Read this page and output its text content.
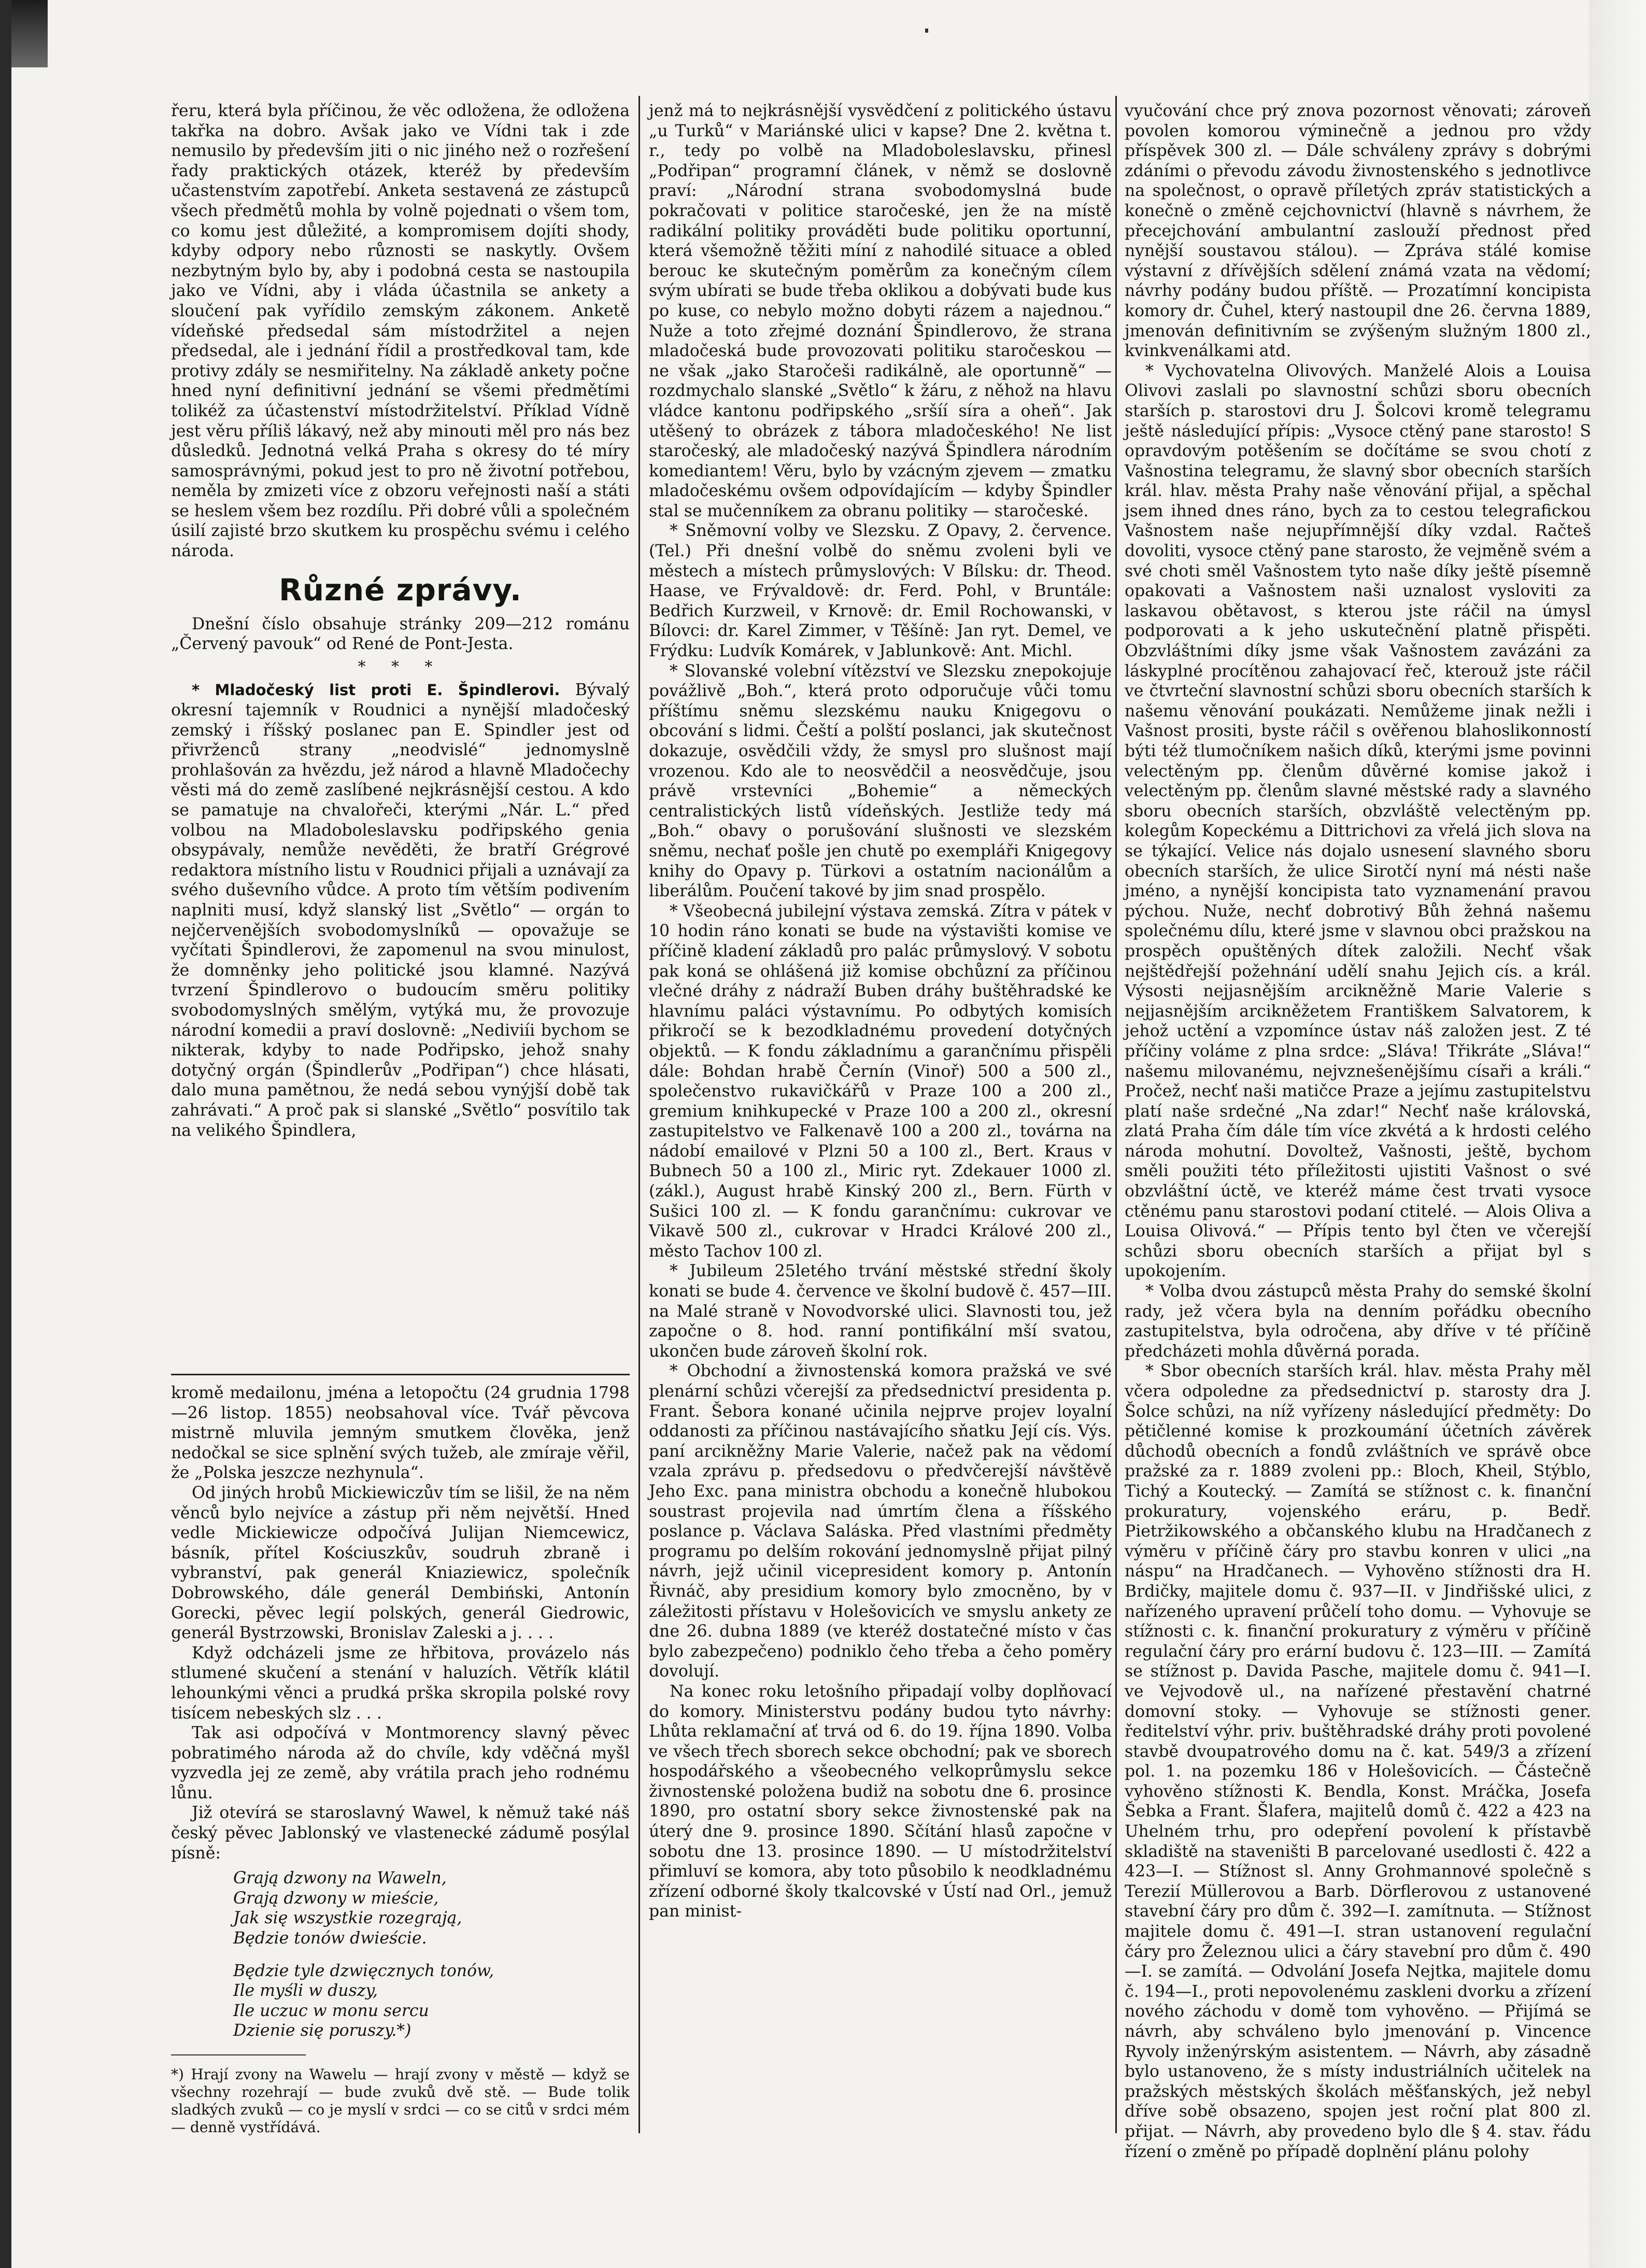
řeru, která byla příčinou, že věc odložena, že odložena takřka na dobro. Avšak jako ve Vídni tak i zde nemusilo by především jiti o nic jiného než o rozřešení řady praktických otázek, kteréž by především učastenstvím zapotřebí. Anketa sestavená ze zástupců všech předmětů mohla by volně pojednati o všem tom, co komu jest důležité, a kompromisem dojíti shody, kdyby odpory nebo různosti se naskytly. Ovšem nezbytným bylo by, aby i podobná cesta se nastoupila jako ve Vídni, aby i vláda účastnila se ankety a sloučení pak vyřídilo zemským zákonem. Anketě vídeňské předsedal sám místodržitel a nejen předsedal, ale i jednání řídil a prostředkoval tam, kde protivy zdály se nesmiřitelny. Na základě ankety počne hned nyní definitivní jednání se všemi předmětími tolikéž za účastenství místodržitelství. Příklad Vídně jest věru příliš lákavý, než aby minouti měl pro nás bez důsledků. Jednotná velká Praha s okresy do té míry samosprávnými, pokud jest to pro ně životní potřebou, neměla by zmizeti více z obzoru veřejnosti naší a státi se heslem všem bez rozdílu. Při dobré vůli a společném úsilí zajisté brzo skutkem ku prospěchu svému i celého národa.

Různé zprávy.

Dnešní číslo obsahuje stránky 209—212 románu „Červený pavouk“ od René de Pont-Jesta.

* * *

* Mladočeský list proti E. Špindlerovi. Bývalý okresní tajemník v Roudnici a nynější mladočeský zemský i říšský poslanec pan E. Spindler jest od přivrženců strany „neodvislé“ jednomyslně prohlašován za hvězdu, jež národ a hlavně Mladočechy věsti má do země zaslíbené nejkrásnější cestou. A kdo se pamatuje na chvalořeči, kterými „Nár. L.“ před volbou na Mladoboleslavsku podřipského genia obsypávaly, nemůže nevěděti, že bratří Grégrové redaktora místního listu v Roudnici přijali a uznávají za svého duševního vůdce. A proto tím větším podivením naplniti musí, když slanský list „Světlo“ — orgán to nejčervenějších svobodomyslníků — opovažuje se vyčítati Špindlerovi, že zapomenul na svou minulost, že domněnky jeho politické jsou klamné. Nazývá tvrzení Špindlerovo o budoucím směru politiky svobodomyslných smělým, vytýká mu, že provozuje národní komedii a praví doslovně: „Nediviíi bychom se nikterak, kdyby to nade Podřipsko, jehož snahy dotyčný orgán (Špindlerův „Podřipan“) chce hlásati, dalo muna pamětnou, že nedá sebou vynýjší době tak zahrávati.“ A proč pak si slanské „Světlo“ posvítilo tak na velikého Špindlera,

kromě medailonu, jména a letopočtu (24 grudnia 1798—26 listop. 1855) neobsahoval více. Tvář pěvcova mistrně mluvila jemným smutkem člověka, jenž nedočkal se sice splnění svých tužeb, ale zmíraje věřil, že „Polska jeszcze nezhynula“.

Od jiných hrobů Mickiewiczův tím se lišil, že na něm věnců bylo nejvíce a zástup při něm největší. Hned vedle Mickiewicze odpočívá Julijan Niemcewicz, básník, přítel Kościuszkův, soudruh zbraně i vybranství, pak generál Kniaziewicz, společník Dobrowského, dále generál Dembiński, Antonín Gorecki, pěvec legií polských, generál Giedrowic, generál Bystrzowski, Bronislav Zaleski a j. . . .

Když odcházeli jsme ze hřbitova, provázelo nás stlumené skučení a stenání v haluzích. Větřík klátil lehounkými věnci a prudká prška skropila polské rovy tisícem nebeských slz . . .

Tak asi odpočívá v Montmorency slavný pěvec pobratimého národa až do chvíle, kdy vděčná myšl vyzvedla jej ze země, aby vrátila prach jeho rodnému lůnu.

Již otevírá se staroslavný Wawel, k němuž také náš český pěvec Jablonský ve vlastenecké zádumě posýlal písně:

Grają dzwony na Waweln,
Grają dzwony w mieście,
Jak się wszystkie rozegrają,
Będzie tonów dwieście.
Będzie tyle dzwięcznych tonów,
Ile myśli w duszy,
Ile uczuc w monu sercu
Dzienie się poruszy.*)

*) Hrají zvony na Wawelu — hrají zvony v městě — když se všechny rozehrají — bude zvuků dvě stě. — Bude tolik sladkých zvuků — co je myslí v srdci — co se citů v srdci mém — denně vystřídává.

jenž má to nejkrásnější vysvědčení z politického ústavu „u Turků“ v Mariánské ulici v kapse? Dne 2. května t. r., tedy po volbě na Mladoboleslavsku, přinesl „Podřipan“ programní článek, v němž se doslovně praví: „Národní strana svobodomyslná bude pokračovati v politice staročeské, jen že na místě radikální politiky prováděti bude politiku oportunní, která všemožně těžiti míní z nahodilé situace a obled berouc ke skutečným poměrům za konečným cílem svým ubírati se bude třeba oklikou a dobývati bude kus po kuse, co nebylo možno dobyti rázem a najednou.“ Nuže a toto zřejmé doznání Špindlerovo, že strana mladočeská bude provozovati politiku staročeskou — ne však „jako Staročeši radikálně, ale oportunně“ — rozdmychalo slanské „Světlo“ k žáru, z něhož na hlavu vládce kantonu podřipského „sršíí síra a oheň“. Jak utěšený to obrázek z tábora mladočeského! Ne list staročeský, ale mladočeský nazývá Špindlera národním komediantem! Věru, bylo by vzácným zjevem — zmatku mladočeskému ovšem odpovídajícím — kdyby Špindler stal se mučenníkem za obranu politiky — staročeské.

* Sněmovní volby ve Slezsku. Z Opavy, 2. července. (Tel.) Při dnešní volbě do sněmu zvoleni byli ve městech a místech průmyslových: V Bílsku: dr. Theod. Haase, ve Frývaldově: dr. Ferd. Pohl, v Bruntále: Bedřich Kurzweil, v Krnově: dr. Emil Rochowanski, v Bílovci: dr. Karel Zimmer, v Těšíně: Jan ryt. Demel, ve Frýdku: Ludvík Komárek, v Jablunkově: Ant. Michl.

* Slovanské volební vítězství ve Slezsku znepokojuje povážlivě „Boh.“, která proto odporučuje vůči tomu příštímu sněmu slezskému nauku Knigegovu o obcování s lidmi. Čeští a polští poslanci, jak skutečnost dokazuje, osvědčili vždy, že smysl pro slušnost mají vrozenou. Kdo ale to neosvědčil a neosvědčuje, jsou právě vrstevníci „Bohemie“ a německých centralistických listů vídeňských. Jestliže tedy má „Boh.“ obavy o porušování slušnosti ve slezském sněmu, nechať pošle jen chutě po exempláři Knigegovy knihy do Opavy p. Türkovi a ostatním nacionálům a liberálům. Poučení takové by jim snad prospělo.

* Všeobecná jubilejní výstava zemská. Zítra v pátek v 10 hodin ráno konati se bude na výstavišti komise ve příčině kladení základů pro palác průmyslový. V sobotu pak koná se ohlášená již komise obchůzní za příčinou vlečné dráhy z nádraží Buben dráhy buštěhradské ke hlavnímu paláci výstavnímu. Po odbytých komisích přikročí se k bezodkladnému provedení dotyčných objektů. — K fondu základnímu a garančnímu přispěli dále: Bohdan hrabě Černín (Vinoř) 500 a 500 zl., společenstvo rukavičkářů v Praze 100 a 200 zl., gremium knihkupecké v Praze 100 a 200 zl., okresní zastupitelstvo ve Falkenavě 100 a 200 zl., továrna na nádobí emailové v Plzni 50 a 100 zl., Bert. Kraus v Bubnech 50 a 100 zl., Miric ryt. Zdekauer 1000 zl. (zákl.), August hrabě Kinský 200 zl., Bern. Fürth v Sušici 100 zl. — K fondu garančnímu: cukrovar ve Vikavě 500 zl., cukrovar v Hradci Králové 200 zl., město Tachov 100 zl.

* Jubileum 25letého trvání městské střední školy konati se bude 4. července ve školní budově č. 457—III. na Malé straně v Novodvorské ulici. Slavnosti tou, jež započne o 8. hod. ranní pontifikální mší svatou, ukončen bude zároveň školní rok.

* Obchodní a živnostenská komora pražská ve své plenární schůzi včerejší za předsednictví presidenta p. Frant. Šebora konané učinila nejprve projev loyalní oddanosti za příčinou nastávajícího sňatku Její cís. Výs. paní arcikněžny Marie Valerie, načež pak na vědomí vzala zprávu p. předsedovu o předvčerejší návštěvě Jeho Exc. pana ministra obchodu a konečně hlubokou soustrast projevila nad úmrtím člena a říšského poslance p. Václava Saláska. Před vlastními předměty programu po delším rokování jednomyslně přijat pilný návrh, jejž učinil vicepresident komory p. Antonín Řivnáč, aby presidium komory bylo zmocněno, by v záležitosti přístavu v Holešovicích ve smyslu ankety ze dne 26. dubna 1889 (ve kteréž dostatečné místo v čas bylo zabezpečeno) podniklo čeho třeba a čeho poměry dovolují.

Na konec roku letošního připadají volby doplňovací do komory. Ministerstvu podány budou tyto návrhy: Lhůta reklamační ať trvá od 6. do 19. října 1890. Volba ve všech třech sborech sekce obchodní; pak ve sborech hospodářského a všeobecného velkoprůmyslu sekce živnostenské položena budiž na sobotu dne 6. prosince 1890, pro ostatní sbory sekce živnostenské pak na úterý dne 9. prosince 1890. Sčítání hlasů započne v sobotu dne 13. prosince 1890. — U místodržitelství přimluví se komora, aby toto působilo k neodkladnému zřízení odborné školy tkalcovské v Ústí nad Orl., jemuž pan minist-

vyučování chce prý znova pozornost věnovati; zároveň povolen komorou výminečně a jednou pro vždy příspěvek 300 zl. — Dále schváleny zprávy s dobrými zdáními o převodu závodu živnostenského s jednotlivce na společnost, o opravě příletých zpráv statistických a konečně o změně cejchovnictví (hlavně s návrhem, že přecejchování ambulantní zaslouží přednost před nynější soustavou stálou). — Zpráva stálé komise výstavní z dřívějších sdělení známá vzata na vědomí; návrhy podány budou příště. — Prozatímní koncipista komory dr. Čuhel, který nastoupil dne 26. června 1889, jmenován definitivním se zvýšeným služným 1800 zl., kvinkvenálkami atd.

* Vychovatelna Olivových. Manželé Alois a Louisa Olivovi zaslali po slavnostní schůzi sboru obecních starších p. starostovi dru J. Šolcovi kromě telegramu ještě následující přípis: „Vysoce ctěný pane starosto! S opravdovým potěšením se dočítáme se svou chotí z Vašnostina telegramu, že slavný sbor obecních starších král. hlav. města Prahy naše věnování přijal, a spěchal jsem ihned dnes ráno, bych za to cestou telegrafickou Vašnostem naše nejupřímnější díky vzdal. Račteš dovoliti, vysoce ctěný pane starosto, že vejměně svém a své choti směl Vašnostem tyto naše díky ještě písemně opakovati a Vašnostem naši uznalost vysloviti za laskavou obětavost, s kterou jste ráčil na úmysl podporovati a k jeho uskutečnění platně přispěti. Obzvláštními díky jsme však Vašnostem zavázáni za láskyplné procítěnou zahajovací řeč, kterouž jste ráčil ve čtvrteční slavnostní schůzi sboru obecních starších k našemu věnování poukázati. Nemůžeme jinak nežli i Vašnost prositi, byste ráčil s ověřenou blahoslikonností býti též tlumočníkem našich díků, kterými jsme povinni velectěným pp. členům důvěrné komise jakož i velectěným pp. členům slavné městské rady a slavného sboru obecních starších, obzvláště velectěným pp. kolegům Kopeckému a Dittrichovi za vřelá jich slova na se týkající. Velice nás dojalo usnesení slavného sboru obecních starších, že ulice Sirotčí nyní má nésti naše jméno, a nynější koncipista tato vyznamenání pravou pýchou. Nuže, nechť dobrotivý Bůh žehná našemu společnému dílu, které jsme v slavnou obci pražskou na prospěch opuštěných dítek založili. Nechť však nejštědřejší požehnání udělí snahu Jejich cís. a král. Výsosti nejjasnějším arcikněžně Marie Valerie s nejjasnějším arcikněžetem Františkem Salvatorem, k jehož uctění a vzpomínce ústav náš založen jest. Z té příčiny voláme z plna srdce: „Sláva! Třikráte „Sláva!“ našemu milovanému, nejvznešenějšímu císaři a králi.“ Pročež, nechť naši matičce Praze a jejímu zastupitelstvu platí naše srdečné „Na zdar!“ Nechť naše královská, zlatá Praha čím dále tím více zkvétá a k hrdosti celého národa mohutní. Dovoltež, Vašnosti, ještě, bychom směli použiti této příležitosti ujistiti Vašnost o své obzvláštní úctě, ve kteréž máme čest trvati vysoce ctěnému panu starostovi podaní ctitelé. — Alois Oliva a Louisa Olivová.“ — Přípis tento byl čten ve včerejší schůzi sboru obecních starších a přijat byl s upokojením.

* Volba dvou zástupců města Prahy do semské školní rady, jež včera byla na denním pořádku obecního zastupitelstva, byla odročena, aby dříve v té příčině předcházeti mohla důvěrná porada.

* Sbor obecních starších král. hlav. města Prahy měl včera odpoledne za předsednictví p. starosty dra J. Šolce schůzi, na níž vyřízeny následující předměty: Do pětičlenné komise k prozkoumání účetních závěrek důchodů obecních a fondů zvláštních ve správě obce pražské za r. 1889 zvoleni pp.: Bloch, Kheil, Stýblo, Tichý a Koutecký. — Zamítá se stížnost c. k. finanční prokuratury, vojenského eráru, p. Bedř. Pietržikowského a občanského klubu na Hradčanech z výměru v příčině čáry pro stavbu konren v ulici „na náspu“ na Hradčanech. — Vyhověno stížnosti dra H. Brdičky, majitele domu č. 937—II. v Jindřišské ulici, z nařízeného upravení průčelí toho domu. — Vyhovuje se stížnosti c. k. finanční prokuratury z výměru v příčině regulační čáry pro erární budovu č. 123—III. — Zamítá se stížnost p. Davida Pasche, majitele domu č. 941—I. ve Vejvodově ul., na nařízené přestavění chatrné domovní stoky. — Vyhovuje se stížnosti gener. ředitelství výhr. priv. buštěhradské dráhy proti povolené stavbě dvoupatrového domu na č. kat. 549/3 a zřízení pol. 1. na pozemku 186 v Holešovicích. — Částečně vyhověno stížnosti K. Bendla, Konst. Mráčka, Josefa Šebka a Frant. Šlafera, majitelů domů č. 422 a 423 na Uhelném trhu, pro odepření povolení k přístavbě skladiště na staveništi B parcelované usedlosti č. 422 a 423—I. — Stížnost sl. Anny Grohmannové společně s Terezií Müllerovou a Barb. Dörflerovou z ustanovené stavební čáry pro dům č. 392—I. zamítnuta. — Stížnost majitele domu č. 491—I. stran ustanovení regulační čáry pro Železnou ulici a čáry stavební pro dům č. 490—I. se zamítá. — Odvolání Josefa Nejtka, majitele domu č. 194—I., proti nepovolenému zaskleni dvorku a zřízení nového záchodu v domě tom vyhověno. — Přijímá se návrh, aby schváleno bylo jmenování p. Vincence Ryvoly inženýrským asistentem. — Návrh, aby zásadně bylo ustanoveno, že s místy industriálních učitelek na pražských městských školách měšťanských, jež nebyl dříve sobě obsazeno, spojen jest roční plat 800 zl. přijat. — Návrh, aby provedeno bylo dle § 4. stav. řádu řízení o změně po případě doplnění plánu polohy
